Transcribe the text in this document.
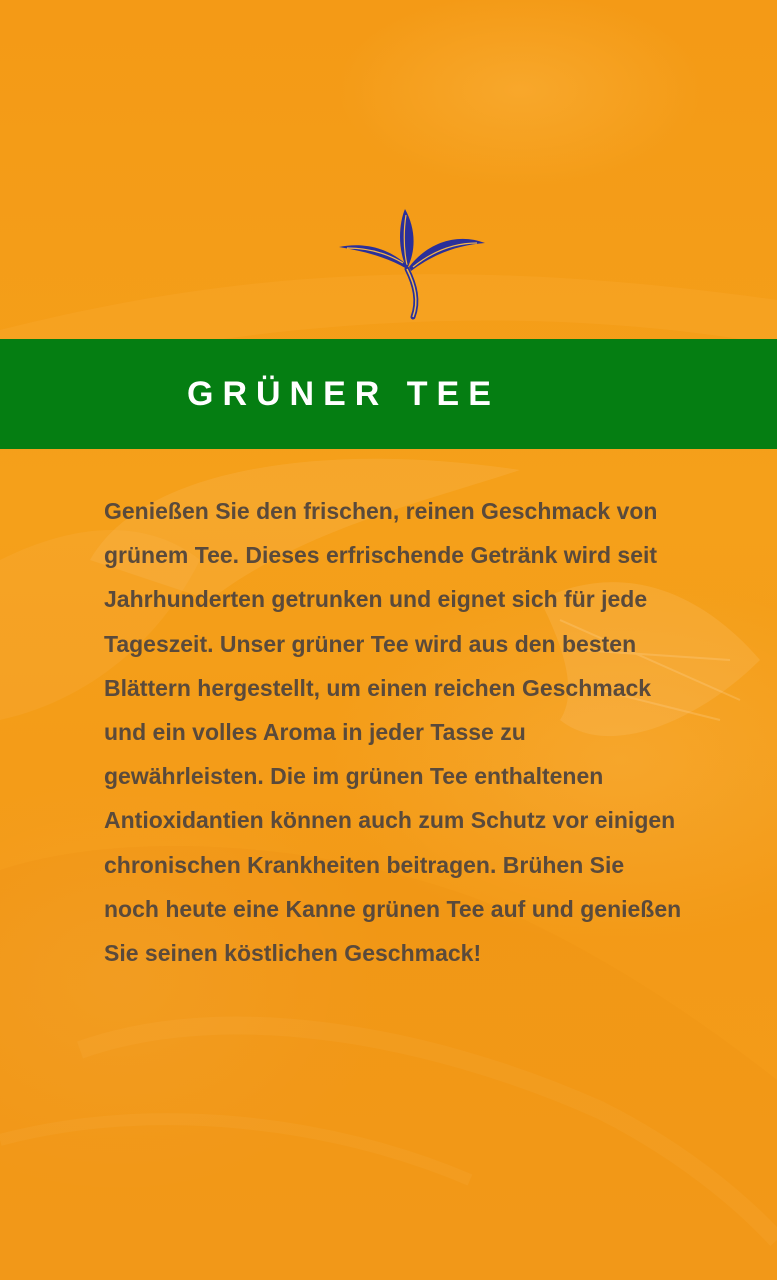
GRÜNER TEE

Genießen Sie den frischen, reinen Geschmack von grünem Tee. Dieses erfrischende Getränk wird seit Jahrhunderten getrunken und eignet sich für jede Tageszeit. Unser grüner Tee wird aus den besten Blättern hergestellt, um einen reichen Geschmack und ein volles Aroma in jeder Tasse zu gewährleisten. Die im grünen Tee enthaltenen Antioxidantien können auch zum Schutz vor einigen chronischen Krankheiten beitragen. Brühen Sie noch heute eine Kanne grünen Tee auf und genießen Sie seinen köstlichen Geschmack!
